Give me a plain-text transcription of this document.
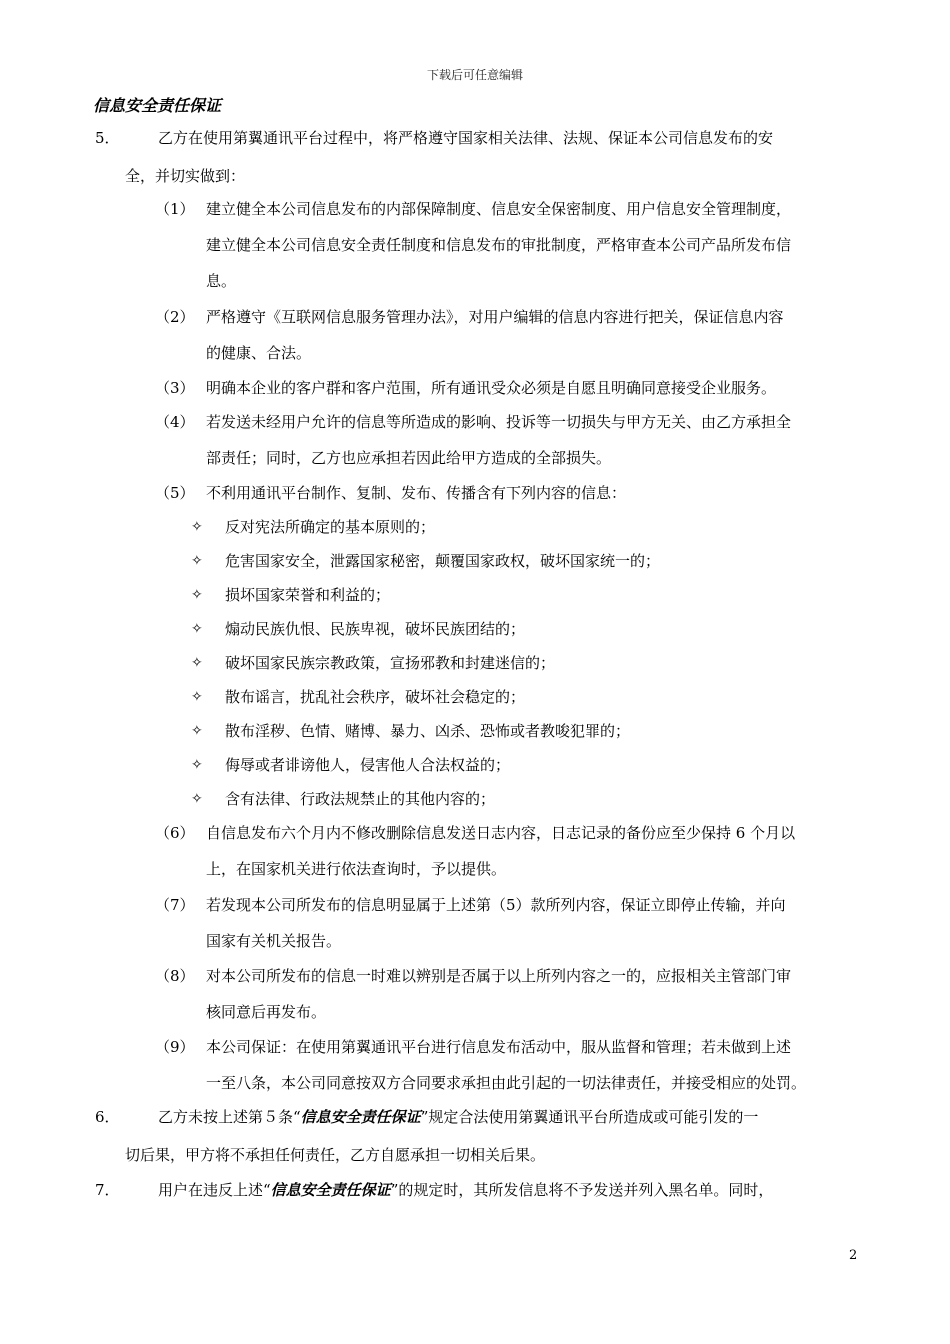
下载后可任意编辑
信息安全责任保证
5．	乙方在使用第翼通讯平台过程中，将严格遵守国家相关法律、法规、保证本公司信息发布的安
全，并切实做到：
（1） 建立健全本公司信息发布的内部保障制度、信息安全保密制度、用户信息安全管理制度，
建立健全本公司信息安全责任制度和信息发布的审批制度，严格审查本公司产品所发布信
息。
（2） 严格遵守《互联网信息服务管理办法》，对用户编辑的信息内容进行把关，保证信息内容
的健康、合法。
（3） 明确本企业的客户群和客户范围，所有通讯受众必须是自愿且明确同意接受企业服务。
（4） 若发送未经用户允许的信息等所造成的影响、投诉等一切损失与甲方无关、由乙方承担全
部责任；同时，乙方也应承担若因此给甲方造成的全部损失。
（5） 不利用通讯平台制作、复制、发布、传播含有下列内容的信息：
✧ 反对宪法所确定的基本原则的；
✧ 危害国家安全，泄露国家秘密，颠覆国家政权，破坏国家统一的；
✧ 损坏国家荣誉和利益的；
✧ 煽动民族仇恨、民族卑视，破坏民族团结的；
✧ 破坏国家民族宗教政策，宣扬邪教和封建迷信的；
✧ 散布谣言，扰乱社会秩序，破坏社会稳定的；
✧ 散布淫秽、色情、赌博、暴力、凶杀、恐怖或者教唆犯罪的；
✧ 侮辱或者诽谤他人，侵害他人合法权益的；
✧ 含有法律、行政法规禁止的其他内容的；
（6） 自信息发布六个月内不修改删除信息发送日志内容，日志记录的备份应至少保持 6 个月以
上，在国家机关进行依法查询时，予以提供。
（7） 若发现本公司所发布的信息明显属于上述第（5）款所列内容，保证立即停止传输，并向
国家有关机关报告。
（8） 对本公司所发布的信息一时难以辨别是否属于以上所列内容之一的，应报相关主管部门审
核同意后再发布。
（9） 本公司保证：在使用第翼通讯平台进行信息发布活动中，服从监督和管理；若未做到上述
一至八条，本公司同意按双方合同要求承担由此引起的一切法律责任，并接受相应的处罚。
6．	乙方未按上述第５条“信息安全责任保证”规定合法使用第翼通讯平台所造成或可能引发的一
切后果，甲方将不承担任何责任，乙方自愿承担一切相关后果。
7．	用户在违反上述“信息安全责任保证”的规定时，其所发信息将不予发送并列入黑名单。同时，
2
